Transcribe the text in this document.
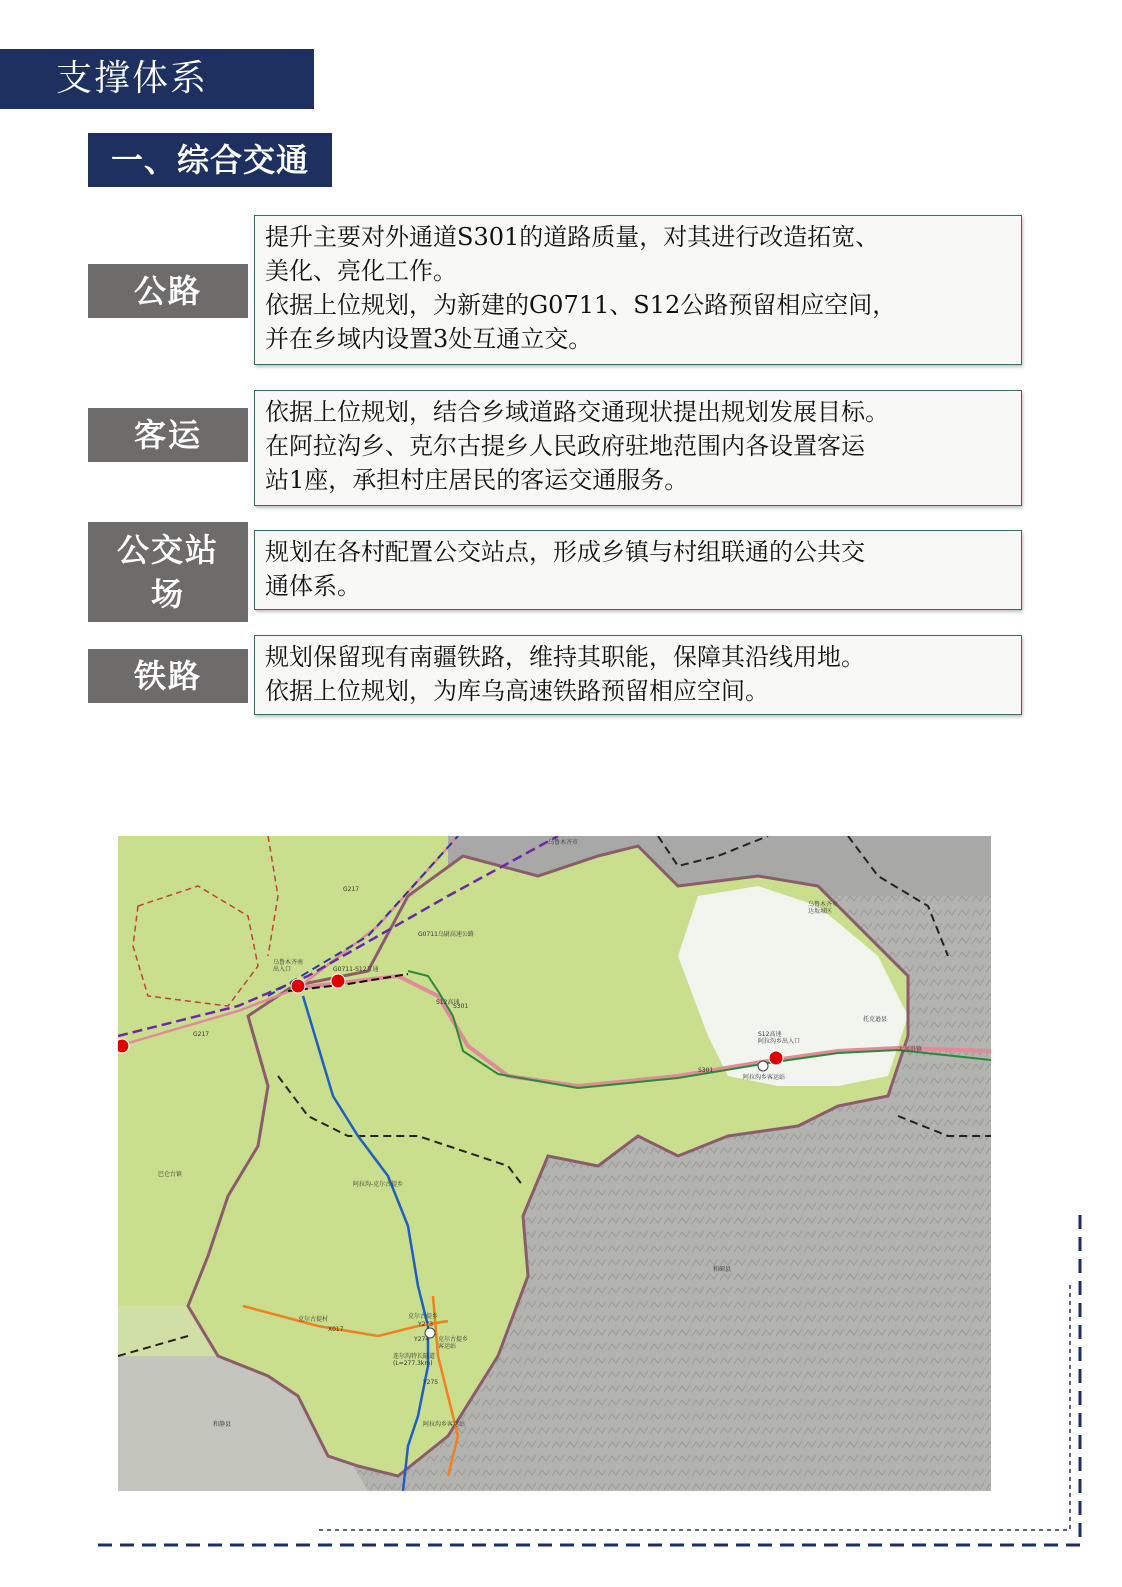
支撑体系
一、综合交通
公路
提升主要对外通道S301的道路质量，对其进行改造拓宽、
美化、亮化工作。
依据上位规划，为新建的G0711、S12公路预留相应空间，
并在乡域内设置3处互通立交。
客运
依据上位规划，结合乡域道路交通现状提出规划发展目标。
在阿拉沟乡、克尔古提乡人民政府驻地范围内各设置客运
站1座，承担村庄居民的客运交通服务。
公交站
场
规划在各村配置公交站点，形成乡镇与村组联通的公共交
通体系。
铁路	规划保留现有南疆铁路，维持其职能，保障其沿线用地。
依据上位规划，为库乌高速铁路预留相应空间。
乌鲁木齐市
乌鲁木齐市达坂城区
乌鲁木齐南出入口	G0711-S12互通
G217
G217
G0711乌尉高速公路
S12高速
S301
S12高速阿拉沟乡出入口
阿拉沟乡客运站
S301
托克逊县
大河沿镇
巴仑台镇
阿拉沟-克尔古提乡
和硕县
克尔古提村	克尔古提乡
克尔古提乡客运站
连尔沟特长隧道(L=277.3km)
和静县	阿拉沟乡客运站
Y273
X017
Y274
Y275
